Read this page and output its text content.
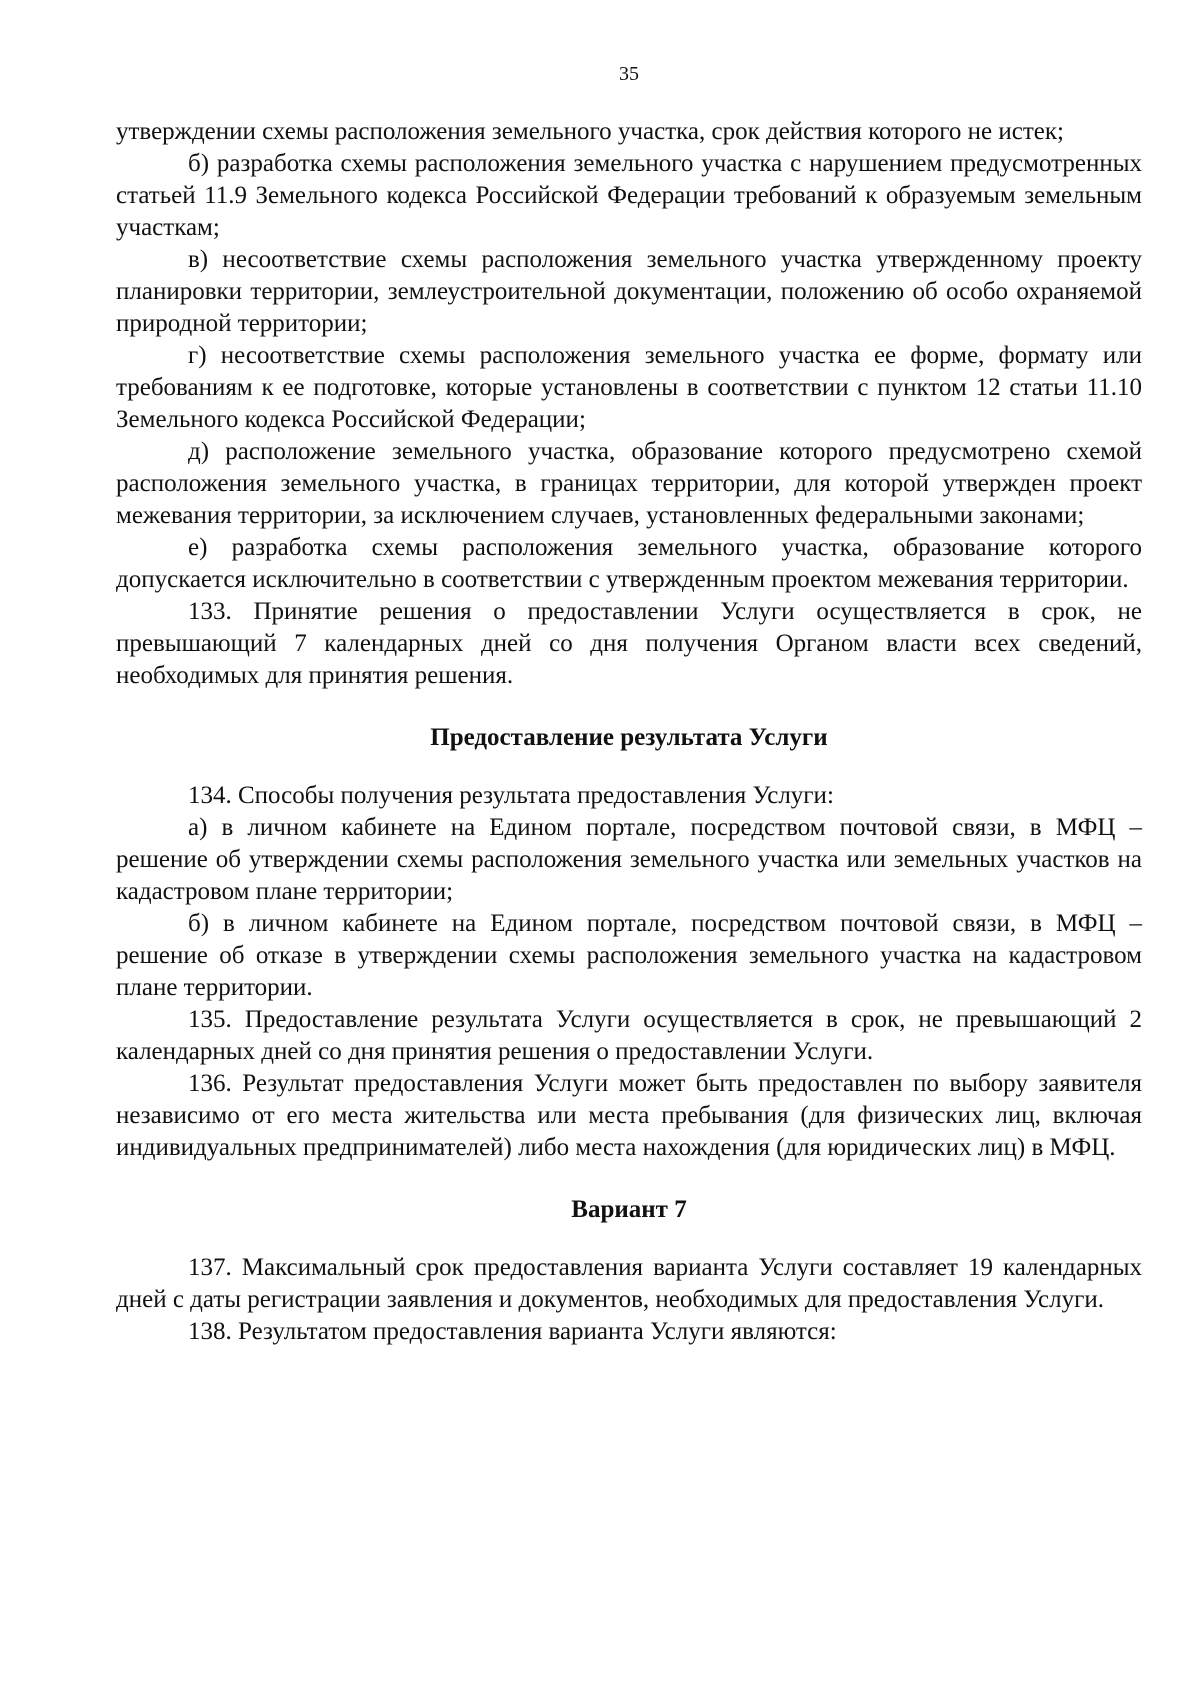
35

утверждении схемы расположения земельного участка, срок действия которого не истек;

б) разработка схемы расположения земельного участка с нарушением предусмотренных статьей 11.9 Земельного кодекса Российской Федерации требований к образуемым земельным участкам;

в) несоответствие схемы расположения земельного участка утвержденному проекту планировки территории, землеустроительной документации, положению об особо охраняемой природной территории;

г) несоответствие схемы расположения земельного участка ее форме, формату или требованиям к ее подготовке, которые установлены в соответствии с пунктом 12 статьи 11.10 Земельного кодекса Российской Федерации;

д) расположение земельного участка, образование которого предусмотрено схемой расположения земельного участка, в границах территории, для которой утвержден проект межевания территории, за исключением случаев, установленных федеральными законами;

е) разработка схемы расположения земельного участка, образование которого допускается исключительно в соответствии с утвержденным проектом межевания территории.

133. Принятие решения о предоставлении Услуги осуществляется в срок, не превышающий 7 календарных дней со дня получения Органом власти всех сведений, необходимых для принятия решения.

Предоставление результата Услуги

134. Способы получения результата предоставления Услуги:

а) в личном кабинете на Едином портале, посредством почтовой связи, в МФЦ – решение об утверждении схемы расположения земельного участка или земельных участков на кадастровом плане территории;

б) в личном кабинете на Едином портале, посредством почтовой связи, в МФЦ – решение об отказе в утверждении схемы расположения земельного участка на кадастровом плане территории.

135. Предоставление результата Услуги осуществляется в срок, не превышающий 2 календарных дней со дня принятия решения о предоставлении Услуги.

136. Результат предоставления Услуги может быть предоставлен по выбору заявителя независимо от его места жительства или места пребывания (для физических лиц, включая индивидуальных предпринимателей) либо места нахождения (для юридических лиц) в МФЦ.

Вариант 7

137. Максимальный срок предоставления варианта Услуги составляет 19 календарных дней с даты регистрации заявления и документов, необходимых для предоставления Услуги.

138. Результатом предоставления варианта Услуги являются:
